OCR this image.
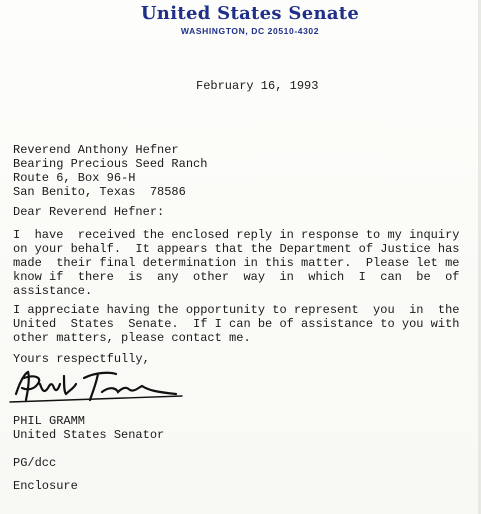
United States Senate
WASHINGTON, DC 20510-4302
February 16, 1993
Reverend Anthony Hefner
Bearing Precious Seed Ranch
Route 6, Box 96-H
San Benito, Texas  78586
Dear Reverend Hefner:
I  have  received the enclosed reply in response to my inquiry
on your behalf.  It appears that the Department of Justice has
made  their final determination in this matter.  Please let me
know if  there  is  any  other  way  in  which  I  can  be  of
assistance.
I appreciate having the opportunity to represent  you  in  the
United  States  Senate.  If I can be of assistance to you with
other matters, please contact me.
Yours respectfully,
PHIL GRAMM
United States Senator
PG/dcc
Enclosure
